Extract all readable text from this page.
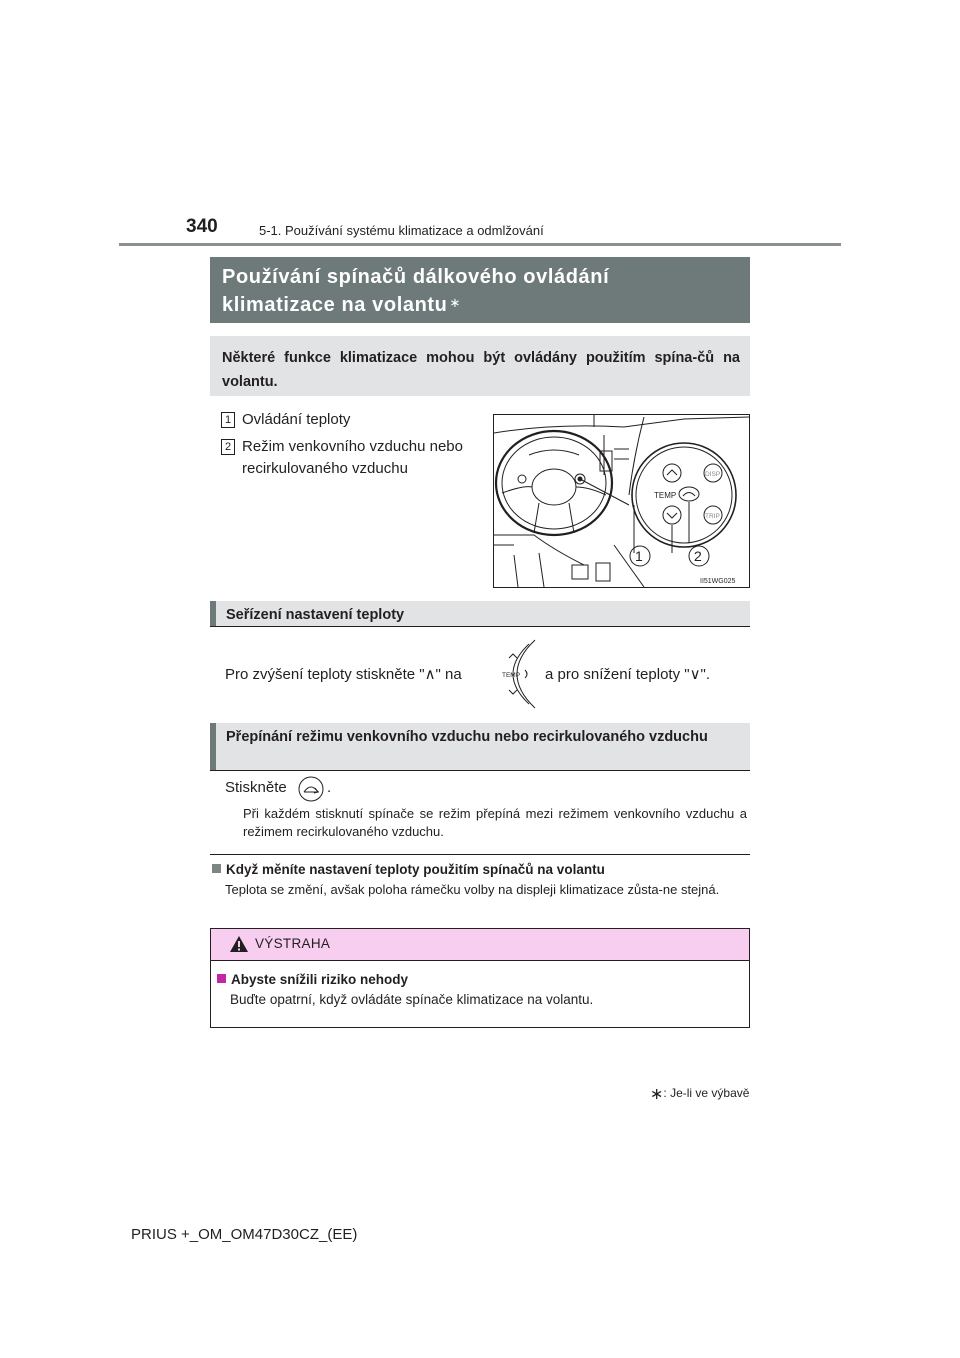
340	5-1. Používání systému klimatizace a odmlžování
Používání spínačů dálkového ovládání
klimatizace na volantu ∗
Některé funkce klimatizace mohou být ovládány použitím spína-čů na volantu.
1 Ovládání teploty
2 Režim venkovního vzduchu nebo
recirkulovaného vzduchu
TEMP
DISP
TRIP
1	2
II51WG025
Seřízení nastavení teploty
Pro zvýšení teploty stiskněte "∧" na	TEMP a pro snížení teploty "∨".
Přepínání režimu venkovního vzduchu nebo recirkulovaného vzduchu
Stiskněte	.
Při každém stisknutí spínače se režim přepíná mezi režimem venkovního vzduchu a režimem recirkulovaného vzduchu.
Když měníte nastavení teploty použitím spínačů na volantu
Teplota se změní, avšak poloha rámečku volby na displeji klimatizace zůsta-ne stejná.
VÝSTRAHA
Abyste snížili riziko nehody
Buďte opatrní, když ovládáte spínače klimatizace na volantu.
∗: Je-li ve výbavě
PRIUS +_OM_OM47D30CZ_(EE)
